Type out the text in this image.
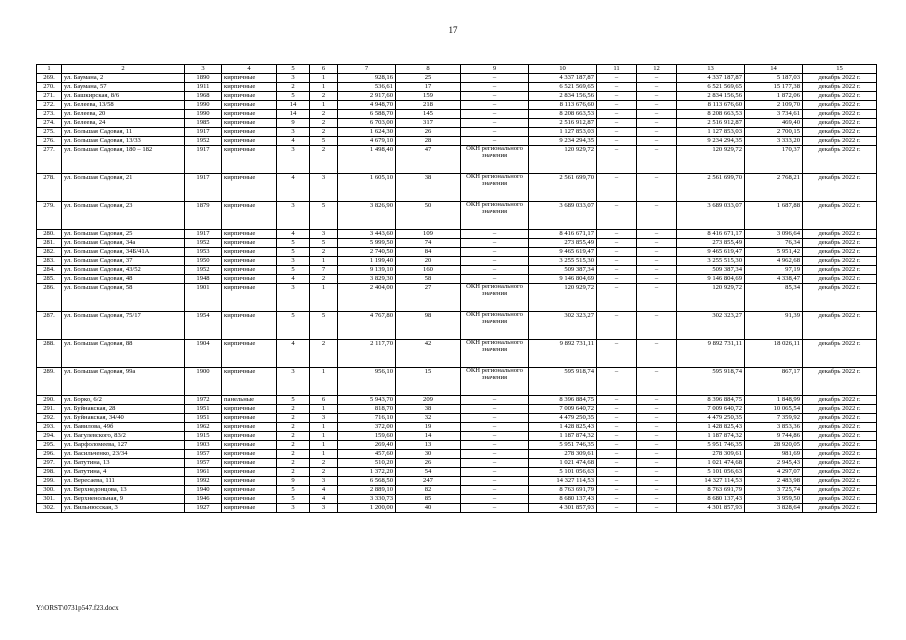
17
1	2	3	4	5	6	7	8	9	10	11	12	13	14	15
269.	ул. Баумана, 2	1890	кирпичные	3	1	928,16	25	–	4 337 187,87	–	–	4 337 187,87	5 187,03	декабрь 2022 г.
270.	ул. Баумана, 57	1911	кирпичные	2	1	536,61	17	–	6 521 569,65	–	–	6 521 569,65	15 177,38	декабрь 2022 г.
271.	ул. Башкирская, 8/6	1968	кирпичные	5	2	2 917,60	159	–	2 834 156,56	–	–	2 834 156,56	1 872,06	декабрь 2022 г.
272.	ул. Белеева, 13/58	1990	кирпичные	14	1	4 948,70	218	–	8 113 676,60	–	–	8 113 676,60	2 109,70	декабрь 2022 г.
273.	ул. Белеева, 20	1990	кирпичные	14	2	6 588,70	145	–	8 208 663,53	–	–	8 208 663,53	3 734,61	декабрь 2022 г.
274.	ул. Белеева, 24	1985	кирпичные	9	2	6 703,00	317	–	2 516 912,87	–	–	2 516 912,87	469,40	декабрь 2022 г.
275.	ул. Большая Садовая, 11	1917	кирпичные	3	2	1 624,30	26	–	1 127 853,03	–	–	1 127 853,03	2 700,15	декабрь 2022 г.
276.	ул. Большая Садовая, 13/33	1952	кирпичные	4	5	4 679,10	28	–	9 234 294,35	–	–	9 234 294,35	3 333,20	декабрь 2022 г.
277.	ул. Большая Садовая, 180 – 182	1917	кирпичные	3	2	1 498,40	47	ОКН регионального значения	120 929,72	–	–	120 929,72	170,37	декабрь 2022 г.
278.	ул. Большая Садовая, 21	1917	кирпичные	4	3	1 605,10	38	ОКН регионального значения	2 561 699,70	–	–	2 561 699,70	2 768,21	декабрь 2022 г.
279.	ул. Большая Садовая, 23	1879	кирпичные	3	5	3 826,90	50	ОКН регионального значения	3 689 033,07	–	–	3 689 033,07	1 687,88	декабрь 2022 г.
280.	ул. Большая Садовая, 25	1917	кирпичные	4	3	3 443,60	109	–	8 416 671,17	–	–	8 416 671,17	3 096,64	декабрь 2022 г.
281.	ул. Большая Садовая, 34а	1952	кирпичные	5	5	5 999,50	74	–	273 855,49	–	–	273 855,49	76,34	декабрь 2022 г.
282.	ул. Большая Садовая, 34Б/41А	1953	кирпичные	5	2	2 740,50	84	–	9 465 619,47	–	–	9 465 619,47	5 951,42	декабрь 2022 г.
283.	ул. Большая Садовая, 37	1950	кирпичные	3	1	1 199,40	20	–	3 255 515,30	–	–	3 255 515,30	4 962,68	декабрь 2022 г.
284.	ул. Большая Садовая, 43/52	1952	кирпичные	5	7	9 139,10	160	–	509 387,34	–	–	509 387,34	97,19	декабрь 2022 г.
285.	ул. Большая Садовая, 48	1948	кирпичные	4	2	3 829,30	58	–	9 146 804,69	–	–	9 146 804,69	4 338,47	декабрь 2022 г.
286.	ул. Большая Садовая, 58	1901	кирпичные	3	1	2 404,00	27	ОКН регионального значения	120 929,72	–	–	120 929,72	85,34	декабрь 2022 г.
287.	ул. Большая Садовая, 75/17	1954	кирпичные	5	5	4 767,80	98	ОКН регионального значения	302 323,27	–	–	302 323,27	91,39	декабрь 2022 г.
288.	ул. Большая Садовая, 88	1904	кирпичные	4	2	2 117,70	42	ОКН регионального значения	9 892 731,11	–	–	9 892 731,11	18 026,11	декабрь 2022 г.
289.	ул. Большая Садовая, 99а	1900	кирпичные	3	1	956,10	15	ОКН регионального значения	595 918,74	–	–	595 918,74	867,17	декабрь 2022 г.
290.	ул. Борко, 6/2	1972	панельные	5	6	5 943,70	209	–	8 396 884,75	–	–	8 396 884,75	1 848,99	декабрь 2022 г.
291.	ул. Буйнакская, 28	1951	кирпичные	2	1	818,70	38	–	7 009 640,72	–	–	7 009 640,72	10 065,54	декабрь 2022 г.
292.	ул. Буйнакская, 34/40	1951	кирпичные	2	3	716,10	32	–	4 479 250,35	–	–	4 479 250,35	7 359,92	декабрь 2022 г.
293.	ул. Вавилова, 49б	1962	кирпичные	2	1	372,00	19	–	1 428 825,43	–	–	1 428 825,43	3 853,36	декабрь 2022 г.
294.	ул. Вагулевского, 83/2	1915	кирпичные	2	1	159,60	14	–	1 187 874,32	–	–	1 187 874,32	9 744,86	декабрь 2022 г.
295.	ул. Варфоломеева, 127	1903	кирпичные	2	1	269,40	13	–	5 951 746,35	–	–	5 951 746,35	28 920,05	декабрь 2022 г.
296.	ул. Васильченко, 23/34	1957	кирпичные	2	1	457,60	30	–	278 309,61	–	–	278 309,61	981,69	декабрь 2022 г.
297.	ул. Ватутина, 13	1957	кирпичные	2	2	510,20	26	–	1 021 474,68	–	–	1 021 474,68	2 945,43	декабрь 2022 г.
298.	ул. Ватутина, 4	1961	кирпичные	2	2	1 372,20	54	–	5 101 056,63	–	–	5 101 056,63	4 297,07	декабрь 2022 г.
299.	ул. Вересаева, 111	1992	кирпичные	9	3	6 568,50	247	–	14 327 114,53	–	–	14 327 114,53	2 483,98	декабрь 2022 г.
300.	ул. Верхнедонцова, 13	1940	кирпичные	5	4	2 889,10	82	–	8 763 691,79	–	–	8 763 691,79	3 725,74	декабрь 2022 г.
301.	ул. Верхненольная, 9	1946	кирпичные	5	4	3 330,73	85	–	8 680 137,43	–	–	8 680 137,43	3 959,50	декабрь 2022 г.
302.	ул. Вильнюсская, 3	1927	кирпичные	3	3	1 200,00	40	–	4 301 857,93	–	–	4 301 857,93	3 828,64	декабрь 2022 г.
Y:\ORST\0731p547.f23.docx
